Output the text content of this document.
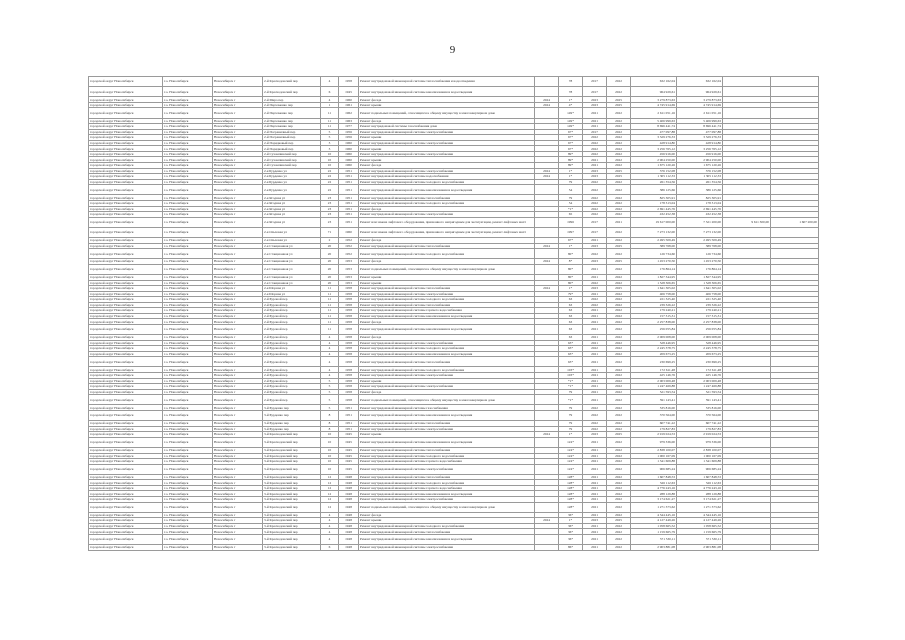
9
городской округ Новосибирск	г.о. Новосибирск	Новосибирск г	2-й Краснодонский пер	4	1958	Ремонт внутридомовой инженерной системы теплоснабжения и водоотведения		78	2017	2022	632 162,04	632 162,04		
городской округ Новосибирск	г.о. Новосибирск	Новосибирск г	2-й Краснодонский пер	6	1945	Ремонт внутридомовой инженерной системы канализования и водоотведения		78	2017	2022	964 929,61	964 929,61		
городской округ Новосибирск	г.о. Новосибирск	Новосибирск г	2-й Мира пер	4	1960	Ремонт фасада	2024	1*	2023	2025	3 279 873,63	3 279 873,63		
городской округ Новосибирск	г.о. Новосибирск	Новосибирск г	2-й Пархоменко пер	1	1961	Ремонт крыши	2024	4*	2023	2025	4 745 914,69	4 745 914,69		
городской округ Новосибирск	г.о. Новосибирск	Новосибирск г	2-й Пархоменко пер	11	1962	Ремонт подвальных помещений, относящихся к общему имуществу в многоквартирном доме		149*	2021	2022	2 611 051,16	2 611 051,16		
городской округ Новосибирск	г.о. Новосибирск	Новосибирск г	2-й Пархоменко пер	11	1963	Ремонт фасада		149*	2021	2022	5 406 999,63	5 406 999,63		
городской округ Новосибирск	г.о. Новосибирск	Новосибирск г	2-й Пархоменко пер	11	1977	Ремонт внутридомовой системы газоснабжения дома		149*	2021	2022	8 696 441,74	8 696 441,74		
городской округ Новосибирск	г.о. Новосибирск	Новосибирск г	2-й Пограничный пер	5	1956	Ремонт внутридомовой инженерной системы электроснабжения		67*	2017	2022	477 097,88	477 097,88		
городской округ Новосибирск	г.о. Новосибирск	Новосибирск г	2-й Пограничный пер	5	1956	Ремонт крыши		67*	2022	2022	3 329 276,33	3 329 276,33		
городской округ Новосибирск	г.о. Новосибирск	Новосибирск г	2-й Порядковый пер	3	1960	Ремонт внутридомовой инженерной системы электроснабжения		67*	2022	2022	428 914,80	428 914,80		
городской округ Новосибирск	г.о. Новосибирск	Новосибирск г	2-й Порядковый пер	3	1960	Ремонт крыши		67*	2022	2022	3 256 765,12	3 256 765,12		
городской округ Новосибирск	г.о. Новосибирск	Новосибирск г	2-й Сухомлинский пер	10	1960	Ремонт внутридомовой инженерной системы электроснабжения		89*	2022	2022	456 916,00	456 916,00		
городской округ Новосибирск	г.о. Новосибирск	Новосибирск г	2-й Сухомлинский пер	10	1960	Ремонт крыши		89*	2021	2022	2 904 250,00	2 904 250,00		
городской округ Новосибирск	г.о. Новосибирск	Новосибирск г	2-й Сухомлинский пер	10	1960	Ремонт фасада		89*	2021	2022	1 675 120,26	1 675 120,26		
городской округ Новосибирск	г.о. Новосибирск	Новосибирск г	2-я Бурденко ул	22	1951	Ремонт внутридомовой инженерной системы электроснабжения	2024	1*	2023	2025	376 152,08	376 152,08		
городской округ Новосибирск	г.о. Новосибирск	Новосибирск г	2-я Бурденко ул	22	1951	Ремонт внутридомовой инженерной системы водоснабжения	2024	1*	2023	2025	1 305 112,33	1 305 112,33		
городской округ Новосибирск	г.о. Новосибирск	Новосибирск г	2-я Бурденко ул	22	1951	Ремонт внутридомовой инженерной системы холодного водоснабжения		79	2022	2022	261 354,56	261 354,56		
городской округ Новосибирск	г.о. Новосибирск	Новосибирск г	2-я Бурденко ул	22	1951	Ремонт внутридомовой инженерной системы канализования и водоотведения		54	2022	2022	386 125,66	386 125,66		
городской округ Новосибирск	г.о. Новосибирск	Новосибирск г	2-я Ягодная ул	23	1951	Ремонт внутридомовой инженерной системы теплоснабжения		79	2022	2022	825 305,91	825 305,91		
городской округ Новосибирск	г.о. Новосибирск	Новосибирск г	2-я Ягодная ул	23	1951	Ремонт внутридомовой инженерной системы холодного водоснабжения		54	2022	2022	178 313,04	178 313,04		
городской округ Новосибирск	г.о. Новосибирск	Новосибирск г	2-я Ягодная ул	23	1951	Ремонт фасада		*1*	2022	2022	2 691 445,76	2 691 445,76		
городской округ Новосибирск	г.о. Новосибирск	Новосибирск г	2-я Ягодная ул	23	1951	Ремонт внутридомовой инженерной системы электроснабжения		65	2022	2022	432 452,38	432 452,38		
городской округ Новосибирск	г.о. Новосибирск	Новосибирск г	2-я Ягодная ул	23	1951	Ремонт или замена лифтового оборудования, признанного непригодным для эксплуатации, ремонт лифтовых шахт		1996	2017	2021	19 617 000,00	7 321 200,00	9 611 300,00	1 607 200,00
городской округ Новосибирск	г.о. Новосибирск	Новосибирск г	2-я Ольховая ул	71	1960	Ремонт или замена лифтового оборудования, признанного непригодным для эксплуатации, ремонт лифтовых шахт		1997	2017	2022	7 273 132,00	7 273 132,00		
городской округ Новосибирск	г.о. Новосибирск	Новосибирск г	2-я Ольховая ул	2	1952	Ремонт фасада		67*	2021	2022	2 495 509,49	2 495 509,49		
городской округ Новосибирск	г.о. Новосибирск	Новосибирск г	2-я Станционная ул	20	1952	Ремонт внутридомовой инженерной системы теплоснабжения	2024	1*	2023	2025	389 768,00	389 768,00		
городской округ Новосибирск	г.о. Новосибирск	Новосибирск г	2-я Станционная ул	20	1952	Ремонт внутридомовой инженерной системы холодного водоснабжения		80*	2022	2022	126 734,60	126 734,60		
городской округ Новосибирск	г.о. Новосибирск	Новосибирск г	2-я Станционная ул	20	1953	Ремонт фасада	2024	8*	2023	2025	1 453 270,50	1 453 270,50		
городской округ Новосибирск	г.о. Новосибирск	Новосибирск г	2-я Станционная ул	20	1953	Ремонт подвальных помещений, относящихся к общему имуществу в многоквартирном доме		80*	2021	2022	176 864,14	176 864,14		
городской округ Новосибирск	г.о. Новосибирск	Новосибирск г	2-я Станционная ул	20	1953	Ремонт крыши		80*	2021	2022	1 827 344,95	1 827 344,95		
городской округ Новосибирск	г.о. Новосибирск	Новосибирск г	2-я Станционная ул	20	1953	Ремонт крыши		80*	2022	2022	1 528 306,65	1 528 306,65		
городской округ Новосибирск	г.о. Новосибирск	Новосибирск г	2-я Шорная ул	11	1958	Ремонт внутридомовой инженерной системы теплоснабжения	2024	1*	2023	2025	1 641 305,02	1 641 305,02		
городской округ Новосибирск	г.о. Новосибирск	Новосибирск г	2-я Шорная ул	11	1958	Ремонт внутридомовой инженерной системы электроснабжения		79*	2021	2022	406 758,00	406 758,00		
городской округ Новосибирск	г.о. Новосибирск	Новосибирск г	2-й Буровой пер	11	1958	Ремонт внутридомовой инженерной системы холодного водоснабжения		63	2022	2022	221 325,40	221 325,40		
городской округ Новосибирск	г.о. Новосибирск	Новосибирск г	2-й Буровой пер	11	1958	Ремонт внутридомовой инженерной системы теплоснабжения		63	2022	2022	239 326,22	239 326,22		
городской округ Новосибирск	г.о. Новосибирск	Новосибирск г	2-й Буровой пер	11	1958	Ремонт внутридомовой инженерной системы горячего водоснабжения		63	2021	2022	179 240,21	179 240,21		
городской округ Новосибирск	г.о. Новосибирск	Новосибирск г	2-й Буровой пер	11	1958	Ремонт внутридомовой инженерной системы канализования и водоотведения		63	2021	2022	157 315,31	157 315,31		
городской округ Новосибирск	г.о. Новосибирск	Новосибирск г	2-й Буровой пер	11	1958	Ремонт фасада		63	2021	2022	2 257 838,00	2 257 838,00		
городской округ Новосибирск	г.о. Новосибирск	Новосибирск г	2-й Буровой пер	11	1958	Ремонт внутридомовой инженерной системы канализования и водоотведения		63	2021	2022	256 055,84	256 055,84		
городской округ Новосибирск	г.о. Новосибирск	Новосибирск г	2-й Буровой пер	4	1958	Ремонт фасада		63	2021	2022	2 009 008,00	2 009 008,00		
городской округ Новосибирск	г.о. Новосибирск	Новосибирск г	2-й Буровой пер	4	1958	Ремонт внутридомовой инженерной системы электроснабжения		63*	2021	2022	528 446,95	528 446,95		
городской округ Новосибирск	г.о. Новосибирск	Новосибирск г	2-й Буровой пер	4	1958	Ремонт внутридомовой инженерной системы холодного водоснабжения		63*	2022	2022	2 245 378,75	2 245 378,75		
городской округ Новосибирск	г.о. Новосибирск	Новосибирск г	2-й Буровой пер	4	1958	Ремонт внутридомовой инженерной системы канализования и водоотведения		63*	2021	2022	209 673,25	209 673,25		
городской округ Новосибирск	г.о. Новосибирск	Новосибирск г	2-й Буровой пер	4	1958	Ремонт внутридомовой инженерной системы теплоснабжения		63*	2021	2022	230 699,25	230 699,25		
городской округ Новосибирск	г.о. Новосибирск	Новосибирск г	2-й Буровой пер	4	1958	Ремонт внутридомовой инженерной системы холодного водоснабжения		103*	2021	2022	172 611,48	172 611,48		
городской округ Новосибирск	г.о. Новосибирск	Новосибирск г	2-й Буровой пер	4	1958	Ремонт внутридомовой инженерной системы электроснабжения		103*	2021	2022	425 146,76	425 146,76		
городской округ Новосибирск	г.о. Новосибирск	Новосибирск г	2-й Буровой пер	5	1958	Ремонт крыши		*1*	2021	2022	2 003 009,48	2 003 009,48		
городской округ Новосибирск	г.о. Новосибирск	Новосибирск г	2-й Буровой пер	5	1958	Ремонт внутридомовой инженерной системы электроснабжения		*1*	2021	2022	1 247 469,88	1 247 469,88		
городской округ Новосибирск	г.о. Новосибирск	Новосибирск г	2-й Буровой пер	5	1958	Ремонт фасада		79	2021	2022	521 593,54	521 593,54		
городской округ Новосибирск	г.о. Новосибирск	Новосибирск г	2-й Буровой пер	5	1958	Ремонт подвальных помещений, относящихся к общему имуществу в многоквартирном доме		*1*	2021	2022	591 143,41	591 143,41		
городской округ Новосибирск	г.о. Новосибирск	Новосибирск г	3-й Бурденко пер	5	1951	Ремонт внутридомовой инженерной системы газоснабжения		79	2022	2022	535 816,00	535 816,00		
городской округ Новосибирск	г.о. Новосибирск	Новосибирск г	3-й Бурденко пер	8	1951	Ремонт внутридомовой инженерной системы канализования и водоотведения		79	2022	2022	370 564,00	370 564,00		
городской округ Новосибирск	г.о. Новосибирск	Новосибирск г	3-й Бурденко пер	8	1951	Ремонт внутридомовой инженерной системы теплоснабжения		79	2022	2022	607 741,22	607 741,22		
городской округ Новосибирск	г.о. Новосибирск	Новосибирск г	3-й Бурденко пер	8	1951	Ремонт внутридомовой инженерной системы электроснабжения		79	2022	2022	179 827,83	179 827,83		
городской округ Новосибирск	г.о. Новосибирск	Новосибирск г	3-й Краснодонский пер	10	1945	Ремонт крыши	2024	1*	2023	2025	2 919 024,53	2 919 024,53		
городской округ Новосибирск	г.о. Новосибирск	Новосибирск г	3-й Краснодонский пер	10	1945	Ремонт внутридомовой инженерной системы канализования и водоотведения		124*	2021	2022	979 336,00	979 336,00		
городской округ Новосибирск	г.о. Новосибирск	Новосибирск г	3-й Краснодонский пер	10	1945	Ремонт внутридомовой инженерной системы теплоснабжения		124*	2021	2022	2 838 100,07	2 838 100,07		
городской округ Новосибирск	г.о. Новосибирск	Новосибирск г	3-й Краснодонский пер	10	1945	Ремонт внутридомовой инженерной системы холодного водоснабжения		124*	2021	2022	1 000 167,09	1 000 167,09		
городской округ Новосибирск	г.о. Новосибирск	Новосибирск г	3-й Краснодонский пер	10	1945	Ремонт внутридомовой инженерной системы горячего водоснабжения		124*	2021	2022	1 341 609,88	1 341 609,88		
городской округ Новосибирск	г.о. Новосибирск	Новосибирск г	3-й Краснодонский пер	10	1945	Ремонт внутридомовой инженерной системы электроснабжения		124*	2021	2022	906 685,24	906 685,24		
городской округ Новосибирск	г.о. Новосибирск	Новосибирск г	3-й Краснодонский пер	12	1948	Ремонт внутридомовой инженерной системы теплоснабжения		128*	2021	2022	1 607 848,53	1 607 848,53		
городской округ Новосибирск	г.о. Новосибирск	Новосибирск г	3-й Краснодонский пер	12	1948	Ремонт внутридомовой инженерной системы холодного водоснабжения		128*	2021	2022	526 112,63	526 112,63		
городской округ Новосибирск	г.о. Новосибирск	Новосибирск г	3-й Краснодонский пер	12	1948	Ремонт внутридомовой инженерной системы горячего водоснабжения		128*	2021	2022	4 776 243,16	4 776 243,16		
городской округ Новосибирск	г.о. Новосибирск	Новосибирск г	3-й Краснодонский пер	12	1948	Ремонт внутридомовой инженерной системы канализования и водоотведения		128*	2021	2022	288 129,88	288 129,88		
городской округ Новосибирск	г.о. Новосибирск	Новосибирск г	3-й Краснодонский пер	12	1948	Ремонт внутридомовой инженерной системы электроснабжения		128*	2021	2022	3 174 621,27	3 174 621,27		
городской округ Новосибирск	г.о. Новосибирск	Новосибирск г	3-й Краснодонский пер	12	1948	Ремонт подвальных помещений, относящихся к общему имуществу в многоквартирном доме		128*	2021	2022	1 271 373,62	1 271 373,62		
городской округ Новосибирск	г.о. Новосибирск	Новосибирск г	3-й Краснодонский пер	4	1948	Ремонт фасада		36*	2021	2022	4 344 445,16	4 344 445,16		
городской округ Новосибирск	г.о. Новосибирск	Новосибирск г	3-й Краснодонский пер	4	1948	Ремонт крыши	2024	1*	2023	2025	4 127 449,26	4 127 449,26		
городской округ Новосибирск	г.о. Новосибирск	Новосибирск г	3-й Краснодонский пер	4	1948	Ремонт внутридомовой инженерной системы холодного водоснабжения		36*	2021	2022	1 058 665,52	1 058 665,52		
городской округ Новосибирск	г.о. Новосибирск	Новосибирск г	3-й Краснодонский пер	4	1948	Ремонт внутридомовой инженерной системы теплоснабжения		36*	2021	2022	1 159 665,79	1 159 665,79		
городской округ Новосибирск	г.о. Новосибирск	Новосибирск г	3-й Краснодонский пер	4	1948	Ремонт внутридомовой инженерной системы канализования и водоотведения		36*	2021	2022	571 530,11	571 530,11		
городской округ Новосибирск	г.о. Новосибирск	Новосибирск г	3-й Краснодонский пер	6	1948	Ремонт внутридомовой инженерной системы электроснабжения		86*	2021	2022	2 903 881,08	2 903 881,08		
